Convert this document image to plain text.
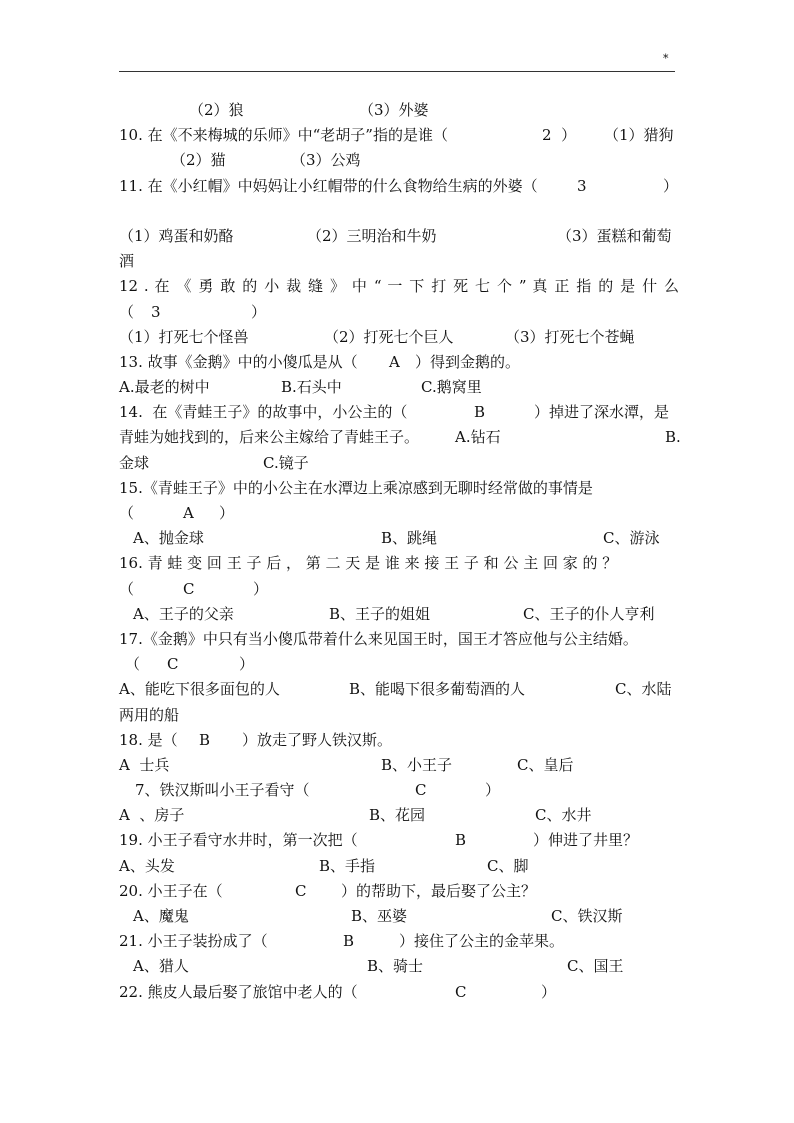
*
（2）狼	（3）外婆
10. 在《不来梅城的乐师》中“老胡子”指的是谁（	2  ） （1）猎狗
（2）猫	（3）公鸡
11. 在《小红帽》中妈妈让小红帽带的什么食物给生病的外婆（	3	）
（1）鸡蛋和奶酪	（2）三明治和牛奶	（3）蛋糕和葡萄
酒
12 . 在 《 勇 敢 的 小 裁 缝 》 中 “ 一 下 打 死 七 个 ” 真 正 指 的 是 什 么
（ 3	）
（1）打死七个怪兽	（2）打死七个巨人	（3）打死七个苍蝇
13. 故事《金鹅》中的小傻瓜是从（ A ）得到金鹅的。
A.最老的树中	B.石头中	C.鹅窝里
14.  在《青蛙王子》的故事中，小公主的（	B	）掉进了深水潭，是
青蛙为她找到的，后来公主嫁给了青蛙王子。 A.钻石	B.
金球	C.镜子
15.《青蛙王子》中的小公主在水潭边上乘凉感到无聊时经常做的事情是
（	A ）
A、抛金球	B、跳绳	C、游泳
16. 青 蛙 变 回 王 子 后 ， 第 二 天 是 谁 来 接 王 子 和 公 主 回 家 的 ？
（	C	）
A、王子的父亲	B、王子的姐姐	C、王子的仆人亨利
17.《金鹅》中只有当小傻瓜带着什么来见国王时，国王才答应他与公主结婚。
（ C	）
A、能吃下很多面包的人	B、能喝下很多葡萄酒的人	C、水陆
两用的船
18. 是（ B ）放走了野人铁汉斯。
A  士兵	B、小王子	C、皇后
7、铁汉斯叫小王子看守（	C	）
A  、房子	B、花园	C、水井
19. 小王子看守水井时，第一次把（	B	）伸进了井里？
A、头发	B、手指	C、脚
20. 小王子在（	C ）的帮助下，最后娶了公主？
A、魔鬼	B、巫婆	C、铁汉斯
21. 小王子装扮成了（	B	）接住了公主的金苹果。
A、猎人	B、骑士	C、国王
22. 熊皮人最后娶了旅馆中老人的（	C	）
